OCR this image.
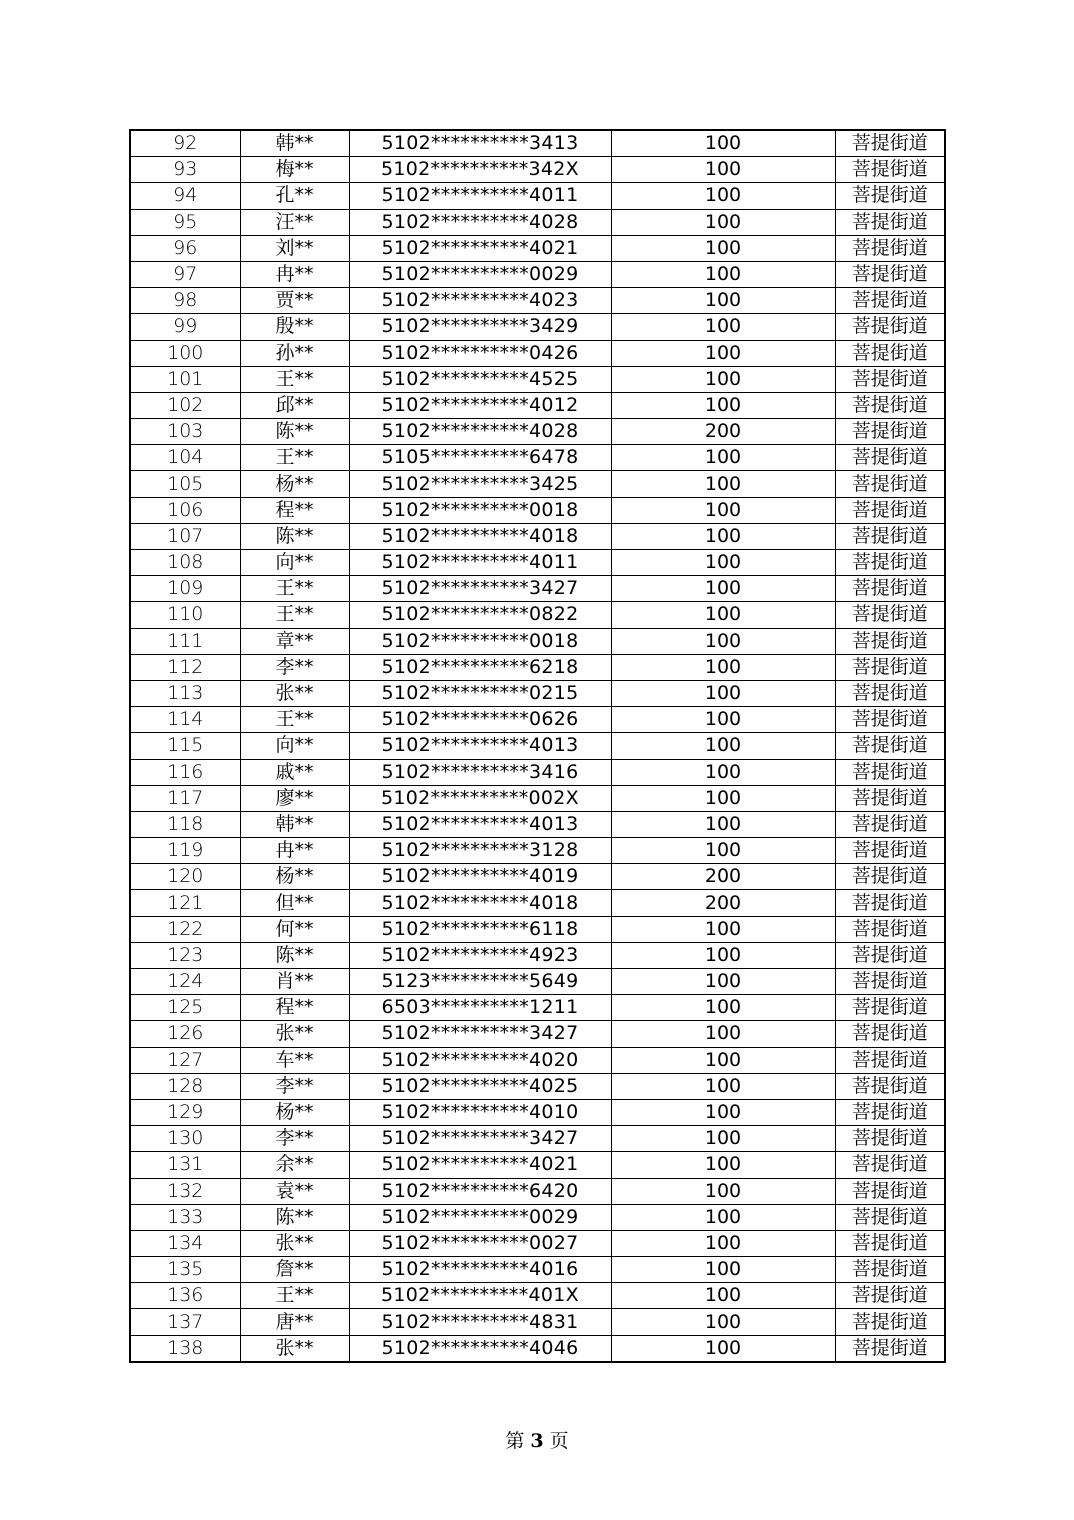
92	韩**	5102**********3413	100	菩提街道
93	梅**	5102**********342X	100	菩提街道
94	孔**	5102**********4011	100	菩提街道
95	汪**	5102**********4028	100	菩提街道
96	刘**	5102**********4021	100	菩提街道
97	冉**	5102**********0029	100	菩提街道
98	贾**	5102**********4023	100	菩提街道
99	殷**	5102**********3429	100	菩提街道
100	孙**	5102**********0426	100	菩提街道
101	王**	5102**********4525	100	菩提街道
102	邱**	5102**********4012	100	菩提街道
103	陈**	5102**********4028	200	菩提街道
104	王**	5105**********6478	100	菩提街道
105	杨**	5102**********3425	100	菩提街道
106	程**	5102**********0018	100	菩提街道
107	陈**	5102**********4018	100	菩提街道
108	向**	5102**********4011	100	菩提街道
109	王**	5102**********3427	100	菩提街道
110	王**	5102**********0822	100	菩提街道
111	章**	5102**********0018	100	菩提街道
112	李**	5102**********6218	100	菩提街道
113	张**	5102**********0215	100	菩提街道
114	王**	5102**********0626	100	菩提街道
115	向**	5102**********4013	100	菩提街道
116	戚**	5102**********3416	100	菩提街道
117	廖**	5102**********002X	100	菩提街道
118	韩**	5102**********4013	100	菩提街道
119	冉**	5102**********3128	100	菩提街道
120	杨**	5102**********4019	200	菩提街道
121	但**	5102**********4018	200	菩提街道
122	何**	5102**********6118	100	菩提街道
123	陈**	5102**********4923	100	菩提街道
124	肖**	5123**********5649	100	菩提街道
125	程**	6503**********1211	100	菩提街道
126	张**	5102**********3427	100	菩提街道
127	车**	5102**********4020	100	菩提街道
128	李**	5102**********4025	100	菩提街道
129	杨**	5102**********4010	100	菩提街道
130	李**	5102**********3427	100	菩提街道
131	余**	5102**********4021	100	菩提街道
132	袁**	5102**********6420	100	菩提街道
133	陈**	5102**********0029	100	菩提街道
134	张**	5102**********0027	100	菩提街道
135	詹**	5102**********4016	100	菩提街道
136	王**	5102**********401X	100	菩提街道
137	唐**	5102**********4831	100	菩提街道
138	张**	5102**********4046	100	菩提街道
第 3 页
